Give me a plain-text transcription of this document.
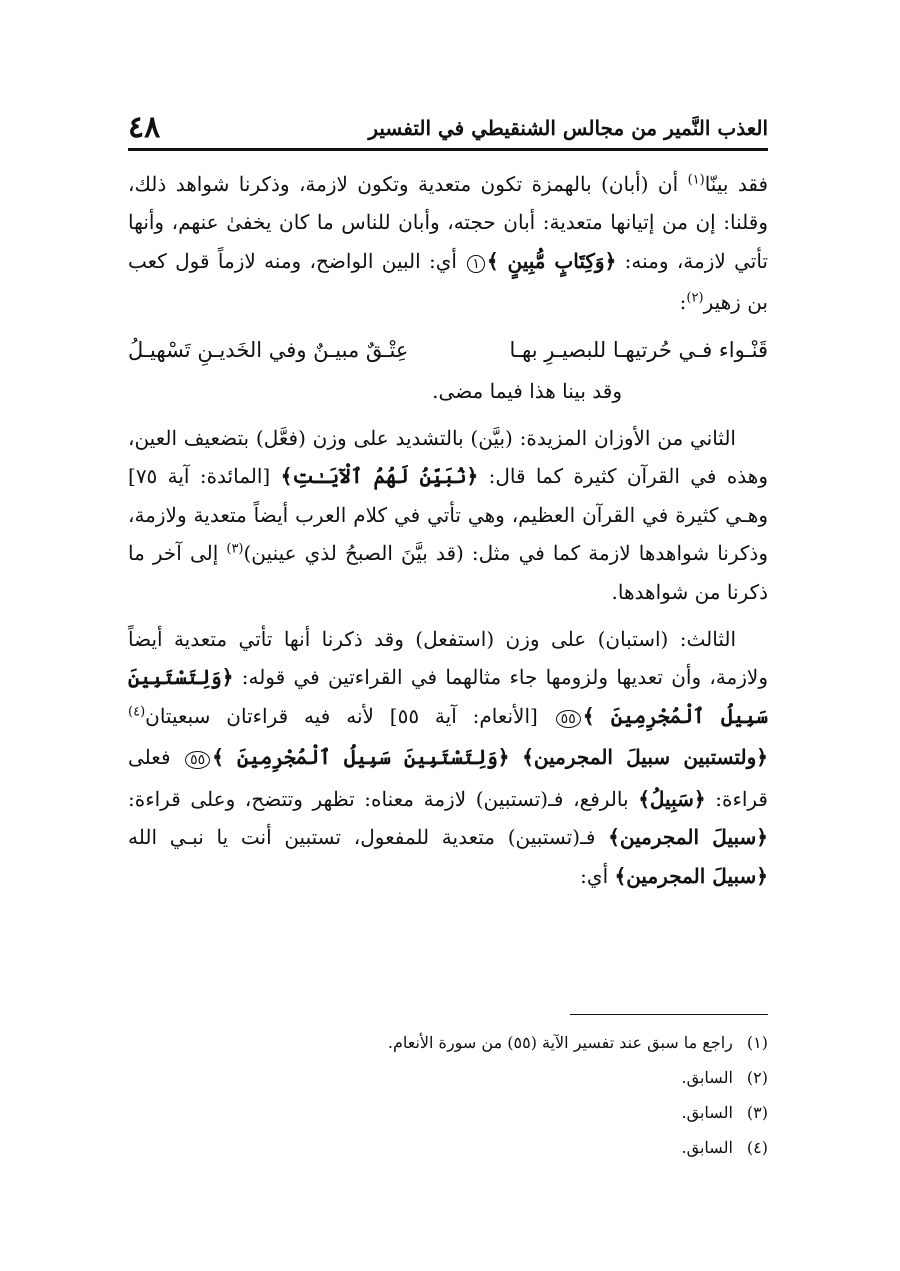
العذب النَّمير من مجالس الشنقيطي في التفسير
٤٨

فقد بينّا$^{(١)}$ أن (أبان) بالهمزة تكون متعدية وتكون لازمة، وذكرنا شواهد ذلك، وقلنا: إن من إتيانها متعدية: أبان حجته، وأبان للناس ما كان يخفىٰ عنهم، وأنها تأتي لازمة، ومنه: ﴿وَكِتَابٍ مُّبِينٍ ﴾١ أي: البين الواضح، ومنه لازماً قول كعب بن زهير$^{(٢)}$:

قَنْـواء فـي حُرتيهـا للبصيـرِ بهـا
عِتْـقٌ مبيـنٌ وفي الخَديـنِ تَسْهيـلُ

وقد بينا هذا فيما مضى.

الثاني من الأوزان المزيدة: (بيَّن) بالتشديد على وزن (فعَّل) بتضعيف العين، وهذه في القرآن كثيرة كما قال: ﴿نُبَيِّنُ لَهُمُ ٱلْآيَـٰتِ﴾ [المائدة: آية ٧٥] وهـي كثيرة في القرآن العظيم، وهي تأتي في كلام العرب أيضاً متعدية ولازمة، وذكرنا شواهدها لازمة كما في مثل: (قد بيَّنَ الصبحُ لذي عينين)$^{(٣)}$ إلى آخر ما ذكرنا من شواهدها.

الثالث: (استبان) على وزن (استفعل) وقد ذكرنا أنها تأتي متعدية أيضاً ولازمة، وأن تعديها ولزومها جاء مثالهما في القراءتين في قوله: ﴿وَلِتَسْتَبِينَ سَبِيلُ ٱلْمُجْرِمِينَ ﴾٥٥ [الأنعام: آية ٥٥] لأنه فيه قراءتان سبعيتان$^{(٤)}$ ﴿ولتستبين سبيلَ المجرمين﴾ ﴿وَلِتَسْتَبِينَ سَبِيلُ ٱلْمُجْرِمِينَ ﴾٥٥ فعلى قراءة: ﴿سَبِيلُ﴾ بالرفع، فـ(تستبين) لازمة معناه: تظهر وتتضح، وعلى قراءة: ﴿سبيلَ المجرمين﴾ فـ(تستبين) متعدية للمفعول، تستبين أنت يا نبـي الله ﴿سبيلَ المجرمين﴾ أي:

(١) راجع ما سبق عند تفسير الآية (٥٥) من سورة الأنعام.
(٢) السابق.
(٣) السابق.
(٤) السابق.
